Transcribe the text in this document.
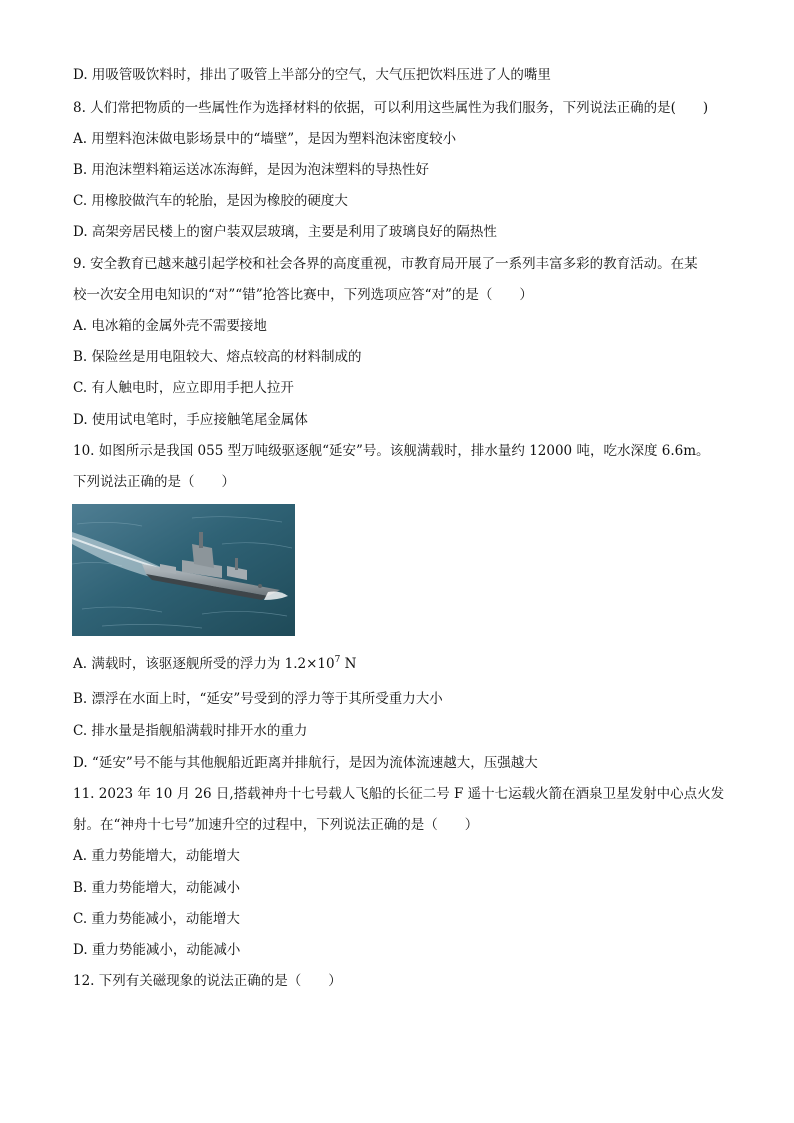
D. 用吸管吸饮料时，排出了吸管上半部分的空气，大气压把饮料压进了人的嘴里
8. 人们常把物质的一些属性作为选择材料的依据，可以利用这些属性为我们服务，下列说法正确的是(　　)
A. 用塑料泡沫做电影场景中的“墙壁”，是因为塑料泡沫密度较小
B. 用泡沫塑料箱运送冰冻海鲜，是因为泡沫塑料的导热性好
C. 用橡胶做汽车的轮胎，是因为橡胶的硬度大
D. 高架旁居民楼上的窗户装双层玻璃，主要是利用了玻璃良好的隔热性
9. 安全教育已越来越引起学校和社会各界的高度重视，市教育局开展了一系列丰富多彩的教育活动。在某
校一次安全用电知识的“对”“错”抢答比赛中，下列选项应答“对”的是（　　）
A. 电冰箱的金属外壳不需要接地
B. 保险丝是用电阻较大、熔点较高的材料制成的
C. 有人触电时，应立即用手把人拉开
D. 使用试电笔时，手应接触笔尾金属体
10. 如图所示是我国 055 型万吨级驱逐舰“延安”号。该舰满载时，排水量约 12000 吨，吃水深度 6.6m。
下列说法正确的是（　　）
A. 满载时，该驱逐舰所受的浮力为 $1.2\times 10^7$ N
B. 漂浮在水面上时，“延安”号受到的浮力等于其所受重力大小
C. 排水量是指舰船满载时排开水的重力
D. “延安”号不能与其他舰船近距离并排航行，是因为流体流速越大，压强越大
11. 2023 年 10 月 26 日,搭载神舟十七号载人飞船的长征二号 F 遥十七运载火箭在酒泉卫星发射中心点火发
射。在“神舟十七号”加速升空的过程中，下列说法正确的是（　　）
A. 重力势能增大，动能增大
B. 重力势能增大，动能减小
C. 重力势能减小，动能增大
D. 重力势能减小，动能减小
12. 下列有关磁现象的说法正确的是（　　）
